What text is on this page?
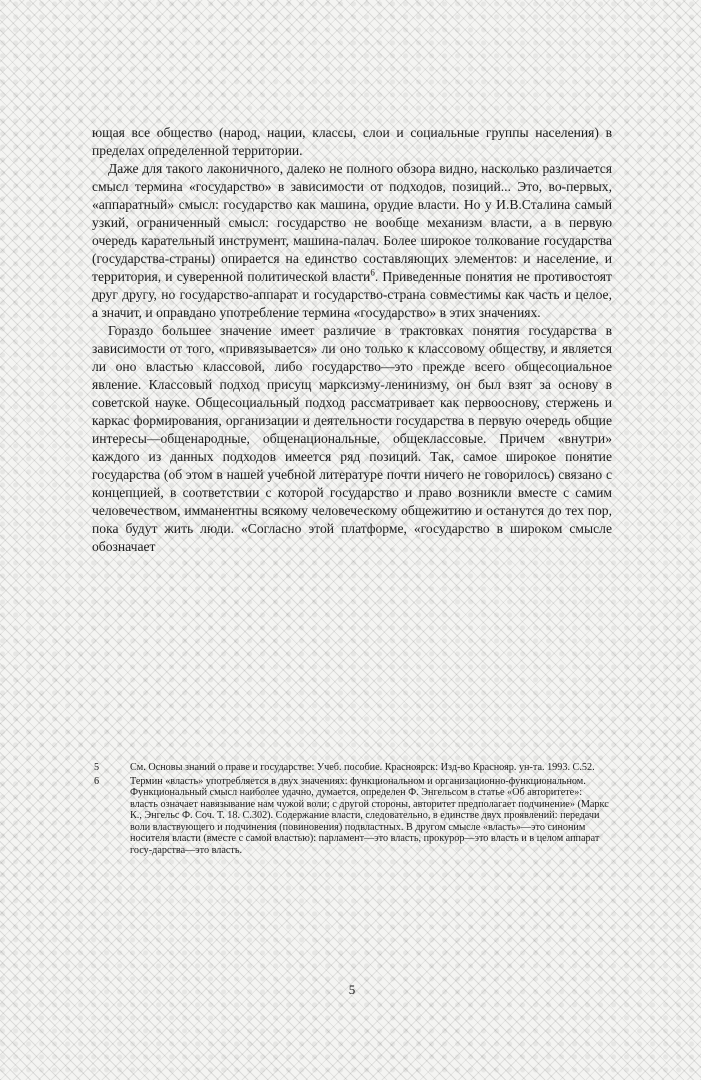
ющая все общество (народ, нации, классы, слои и социальные группы населения) в пределах определенной территории.

Даже для такого лаконичного, далеко не полного обзора видно, насколько различается смысл термина «государство» в зависимости от подходов, позиций... Это, во-первых, «аппаратный» смысл: государство как машина, орудие власти. Но у И.В.Сталина самый узкий, ограниченный смысл: государство не вообще механизм власти, а в первую очередь карательный инструмент, машина-палач. Более широкое толкование государства (государства-страны) опирается на единство составляющих элементов: и население, и территория, и суверенной политической власти$^6$. Приведенные понятия не противостоят друг другу, но государство-аппарат и государство-страна совместимы как часть и целое, а значит, и оправдано употребление термина «государство» в этих значениях.

Гораздо большее значение имеет различие в трактовках понятия государства в зависимости от того, «привязывается» ли оно только к классовому обществу, и является ли оно властью классовой, либо государство—это прежде всего общесоциальное явление. Классовый подход присущ марксизму-ленинизму, он был взят за основу в советской науке. Общесоциальный подход рассматривает как первооснову, стержень и каркас формирования, организации и деятельности государства в первую очередь общие интересы—общенародные, общенациональные, общеклассовые. Причем «внутри» каждого из данных подходов имеется ряд позиций. Так, самое широкое понятие государства (об этом в нашей учебной литературе почти ничего не говорилось) связано с концепцией, в соответствии с которой государство и право возникли вместе с самим человечеством, имманентны всякому человеческому общежитию и останутся до тех пор, пока будут жить люди. «Согласно этой платформе, «государство в широком смысле обозначает

5	См. Основы знаний о праве и государстве: Учеб. пособие. Красноярск: Изд-во Краснояр. ун-та. 1993. С.52.
6	Термин «власть» употребляется в двух значениях: функциональном и организационно-функциональном. Функциональный смысл наиболее удачно, думается, определен Ф. Энгельсом в статье «Об авторитете»: власть означает навязывание нам чужой воли; с другой стороны, авторитет предполагает подчинение» (Маркс К., Энгельс Ф. Соч. Т. 18. С.302). Содержание власти, следовательно, в единстве двух проявлений: передачи воли властвующего и подчинения (повиновения) подвластных. В другом смысле «власть»—это синоним носителя власти (вместе с самой властью): парламент—это власть, прокурор—это власть и в целом аппарат госу-дарства—это власть.
5
